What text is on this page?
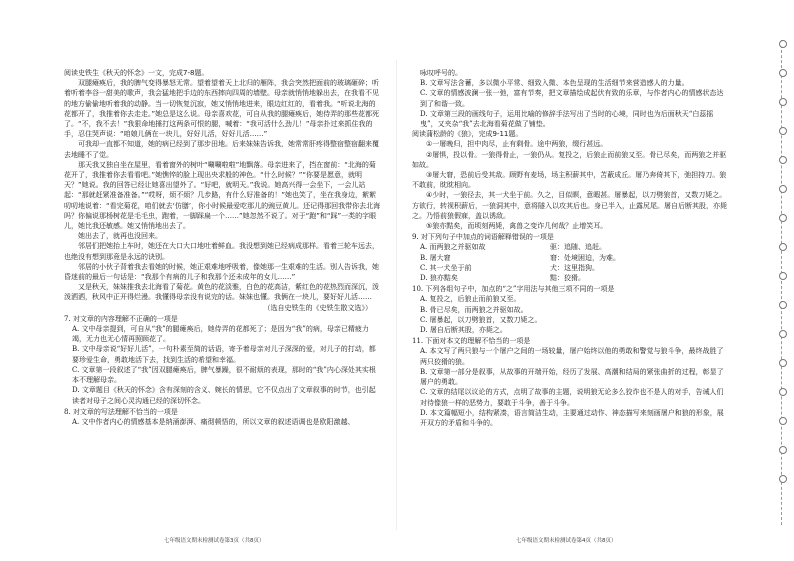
阅读史铁生《秋天的怀念》一文，完成7-8题。

双腿瘫痪后，我的脾气变得暴怒无常。望着望着天上北归的雁阵，我会突然把面前的玻璃砸碎；听着听着李谷一甜美的歌声，我会猛地把手边的东西摔向四周的墙壁。母亲就悄悄地躲出去，在我看不见的地方偷偷地听着我的动静。当一切恢复沉寂，她又悄悄地进来，眼边红红的，看着我。“听说北海的花都开了，我推着你去走走。”她总是这么说。母亲喜欢花，可自从我的腿瘫痪后，她侍弄的那些花都死了。“不，我不去！”我狠命地捶打这两条可恨的腿，喊着：“我可活什么劲儿！”母亲扑过来抓住我的手，忍住哭声说：“咱娘儿俩在一块儿，好好儿活，好好儿活……”

可我却一直都不知道，她的病已经到了那步田地。后来妹妹告诉我，她常常肝疼得整宿整宿翻来覆去地睡不了觉。

那天我又独自坐在屋里，看着窗外的树叶“唰唰啦啦”地飘落。母亲进来了，挡在窗前：“北海的菊花开了，我推着你去看看吧。”她憔悴的脸上现出央求般的神色。“什么时候？”“你要是愿意，就明天？”她说。我的回答已经让她喜出望外了。“好吧，就明天。”我说。她高兴得一会坐下，一会儿站起：“那就赶紧准备准备。”“哎呀，烦不烦？几步路，有什么好准备的！”她也笑了，坐在我身边，絮絮叨叨地说着：“看完菊花，咱们就去‘仿膳’，你小时候最爱吃那儿的豌豆黄儿。还记得那回我带你去北海吗？你偏说那杨树花是毛毛虫，跑着，一脚踩扁一个……”她忽然不说了。对于“跑”和“踩”一类的字眼儿，她比我还敏感。她又悄悄地出去了。

她出去了，就再也没回来。

邻居们把她抬上车时，她还在大口大口地吐着鲜血。我没想到她已经病成那样。看着三轮车远去，也绝没有想到那竟是永远的诀别。

邻居的小伙子背着我去看她的时候，她正艰难地呼吸着，像她那一生艰难的生活。别人告诉我，她昏迷前的最后一句话是：“我那个有病的儿子和我那个还未成年的女儿……”

又是秋天，妹妹推我去北海看了菊花。黄色的花淡雅，白色的花高洁，紫红色的花热烈而深沉，泼泼洒洒，秋风中正开得烂漫。我懂得母亲没有说完的话。妹妹也懂。我俩在一块儿，要好好儿活……

（选自史铁生的《史铁生散文选》）

7. 对文章的内容理解不正确的一项是

A. 文中母亲提到，可自从“我”的腿瘫痪后，她侍弄的花都死了；是因为“我”的病，母亲已精疲力竭，无力也无心情再照顾花了。

B. 文中母亲说“好好儿活”，一句朴素至简的话语，寄予着母亲对儿子深深的爱，对儿子的打动，都要珍爱生命，勇敢地活下去，找到生活的希望和幸福。

C. 文章第一段叙述了“我”因双腿瘫痪后，脾气暴躁，很不耐烦的表现，那时的“我”内心深处其实根本不理解母亲。

D. 文章题目《秋天的怀念》含有深刻的含义、婉长的情思，它不仅点出了文章叙事的时节，也引起读者对母子之间心灵沟通已经的深切怀念。

8. 对文章的写法理解不恰当的一项是

A. 文中作者内心的情感基本是纳涌澎湃、痛彻顿悟的，所以文章的叙述语调也是欧阳激越、

咏叹呼号的。

B. 文章写法含蓄，多以微小平常、细致入微、本色呈现的生活细节来营造感人的力量。

C. 文章的情感波澜一张一弛，富有节奏，把文章描绘成起伏有致的乐章，与作者内心的情感状态达到了和谐一致。

D. 文章第三段的画线句子，运用比喻的修辞手法写出了当时的心境，同时也为后面秋天“白蕊摇曳”，又夹杂“我”去北海看菊花做了铺垫。

阅读蒲松龄的《狼》，完成9-11题。

①一屠晚归，担中肉尽，止有剩骨。途中两狼，缀行甚远。

②屠惧，投以骨。一狼得骨止，一狼仍从。复投之，后狼止而前狼又至。骨已尽矣，而两狼之并驱如故。

③屠大窘，恐前后受其敌。顾野有麦场，场主积薪其中，苫蔽成丘。屠乃奔倚其下，弛担持刀。狼不敢前，眈眈相向。

④少时，一狼径去，其一犬坐于前。久之，目似瞑，意暇甚。屠暴起，以刀劈狼首，又数刀毙之。方欲行，转视积薪后，一狼洞其中，意将隧入以攻其后也。身已半入，止露尻尾。屠自后断其股，亦毙之。乃悟前狼假寐，盖以诱敌。

⑤狼亦黠矣，而顷刻两毙，禽兽之变诈几何哉？止增笑耳。

9. 对下列句子中加点的词语解释错误的一项是

A. 而两狼之并驱如故	驱：追随、追赶。
B. 屠大窘	窘：处境困迫，为难。
C. 其一犬坐于前	犬：这里指狗。
D. 狼亦黠矣	黠：狡猾。

10. 下列各组句子中，加点的“之”字用法与其他三项不同的一项是

A. 复投之，后狼止而前狼又至。

B. 骨已尽矣，而两狼之并驱如故。

C. 屠暴起，以刀劈狼首，又数刀毙之。

D. 屠自后断其股，亦毙之。

11. 下面对本文的理解不恰当的一项是

A. 本文写了两只狼与一个屠户之间的一场较量，屠户始终以他的勇敢和警觉与狼斗争，最终战胜了两只狡猾的狼。

B. 文章第一部分是叙事，从故事的开端开始，经历了发展、高潮和结局的紧张曲折的过程，彰显了屠户的勇敢。

C. 文章的结尾以议论的方式，点明了故事的主题，说明狼无论多么狡诈也不是人的对手，告诫人们对待像狼一样的恶势力，要敢于斗争，善于斗争。

D. 本文篇幅短小，结构紧凑，语言简洁生动，主要通过动作、神态描写来刻画屠户和狼的形象，展开双方的矛盾和斗争的。

七年级语文期末检测试卷第3页（共8页）	七年级语文期末检测试卷第4页（共8页）
